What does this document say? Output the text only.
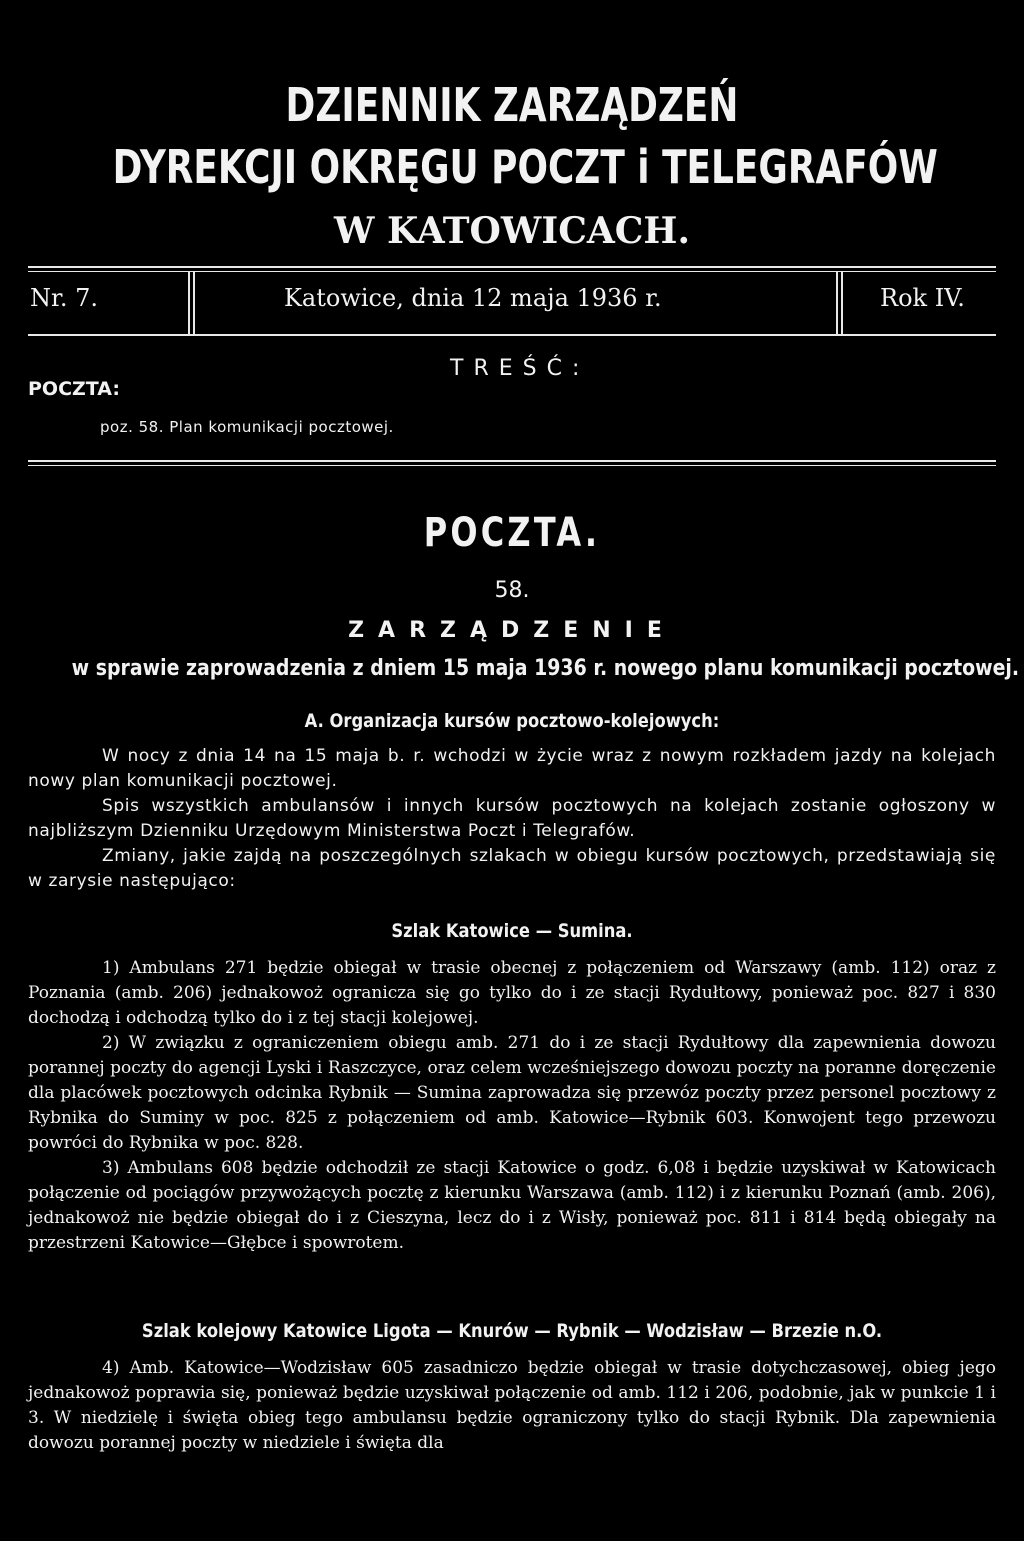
DZIENNIK ZARZĄDZEŃ
DYREKCJI OKRĘGU POCZT i TELEGRAFÓW
W KATOWICACH.
Nr. 7.	Katowice, dnia 12 maja 1936 r.	Rok IV.
TREŚĆ:
POCZTA:
poz. 58. Plan komunikacji pocztowej.
POCZTA.
58.
ZARZĄDZENIE
w sprawie zaprowadzenia z dniem 15 maja 1936 r. nowego planu komunikacji pocztowej.
A. Organizacja kursów pocztowo-kolejowych:

W nocy z dnia 14 na 15 maja b. r. wchodzi w życie wraz z nowym rozkładem jazdy na kolejach nowy plan komunikacji pocztowej.

Spis wszystkich ambulansów i innych kursów pocztowych na kolejach zostanie ogłoszony w najbliższym Dzienniku Urzędowym Ministerstwa Poczt i Telegrafów.

Zmiany, jakie zajdą na poszczególnych szlakach w obiegu kursów pocztowych, przedstawiają się w zarysie następująco:

Szlak Katowice — Sumina.

1) Ambulans 271 będzie obiegał w trasie obecnej z połączeniem od Warszawy (amb. 112) oraz z Poznania (amb. 206) jednakowoż ogranicza się go tylko do i ze stacji Rydułtowy, ponieważ poc. 827 i 830 dochodzą i odchodzą tylko do i z tej stacji kolejowej.

2) W związku z ograniczeniem obiegu amb. 271 do i ze stacji Rydułtowy dla zapewnienia dowozu porannej poczty do agencji Lyski i Raszczyce, oraz celem wcześniejszego dowozu poczty na poranne doręczenie dla placówek pocztowych odcinka Rybnik — Sumina zaprowadza się przewóz poczty przez personel pocztowy z Rybnika do Suminy w poc. 825 z połączeniem od amb. Katowice—Rybnik 603. Konwojent tego przewozu powróci do Rybnika w poc. 828.

3) Ambulans 608 będzie odchodził ze stacji Katowice o godz. 6,08 i będzie uzyskiwał w Katowicach połączenie od pociągów przywożących pocztę z kierunku Warszawa (amb. 112) i z kierunku Poznań (amb. 206), jednakowoż nie będzie obiegał do i z Cieszyna, lecz do i z Wisły, ponieważ poc. 811 i 814 będą obiegały na przestrzeni Katowice—Głębce i spowrotem.

Szlak kolejowy Katowice Ligota — Knurów — Rybnik — Wodzisław — Brzezie n.O.

4) Amb. Katowice—Wodzisław 605 zasadniczo będzie obiegał w trasie dotychczasowej, obieg jego jednakowoż poprawia się, ponieważ będzie uzyskiwał połączenie od amb. 112 i 206, podobnie, jak w punkcie 1 i 3. W niedzielę i święta obieg tego ambulansu będzie ograniczony tylko do stacji Rybnik. Dla zapewnienia dowozu porannej poczty w niedziele i święta dla
